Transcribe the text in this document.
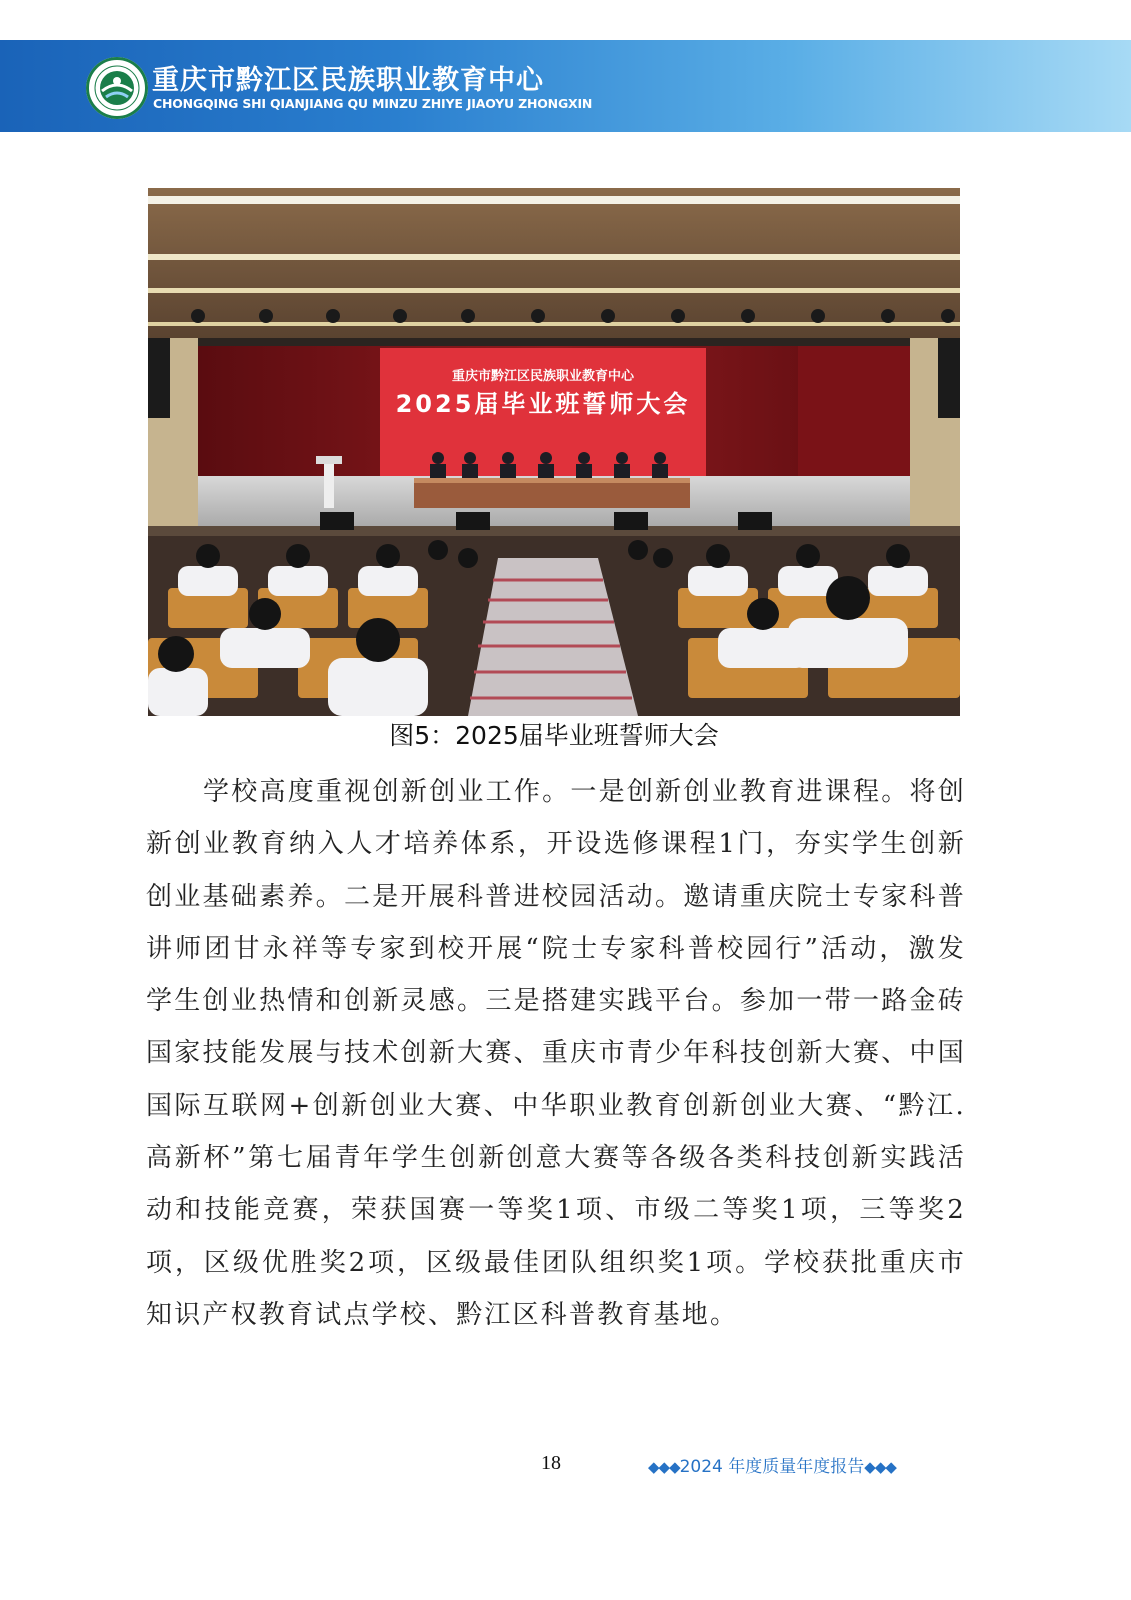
重庆市黔江区民族职业教育中心
CHONGQING SHI QIANJIANG QU MINZU ZHIYE JIAOYU ZHONGXIN
重庆市黔江区民族职业教育中心
2025届毕业班誓师大会
图5：2025届毕业班誓师大会

学校高度重视创新创业工作。一是创新创业教育进课程。将创新创业教育纳入人才培养体系，开设选修课程1门，夯实学生创新创业基础素养。二是开展科普进校园活动。邀请重庆院士专家科普讲师团甘永祥等专家到校开展“院士专家科普校园行”活动，激发学生创业热情和创新灵感。三是搭建实践平台。参加一带一路金砖国家技能发展与技术创新大赛、重庆市青少年科技创新大赛、中国国际互联网+创新创业大赛、中华职业教育创新创业大赛、“黔江.高新杯”第七届青年学生创新创意大赛等各级各类科技创新实践活动和技能竞赛，荣获国赛一等奖1项、市级二等奖1项，三等奖2项，区级优胜奖2项，区级最佳团队组织奖1项。学校获批重庆市知识产权教育试点学校、黔江区科普教育基地。

18	◆◆◆2024 年度质量年度报告◆◆◆
